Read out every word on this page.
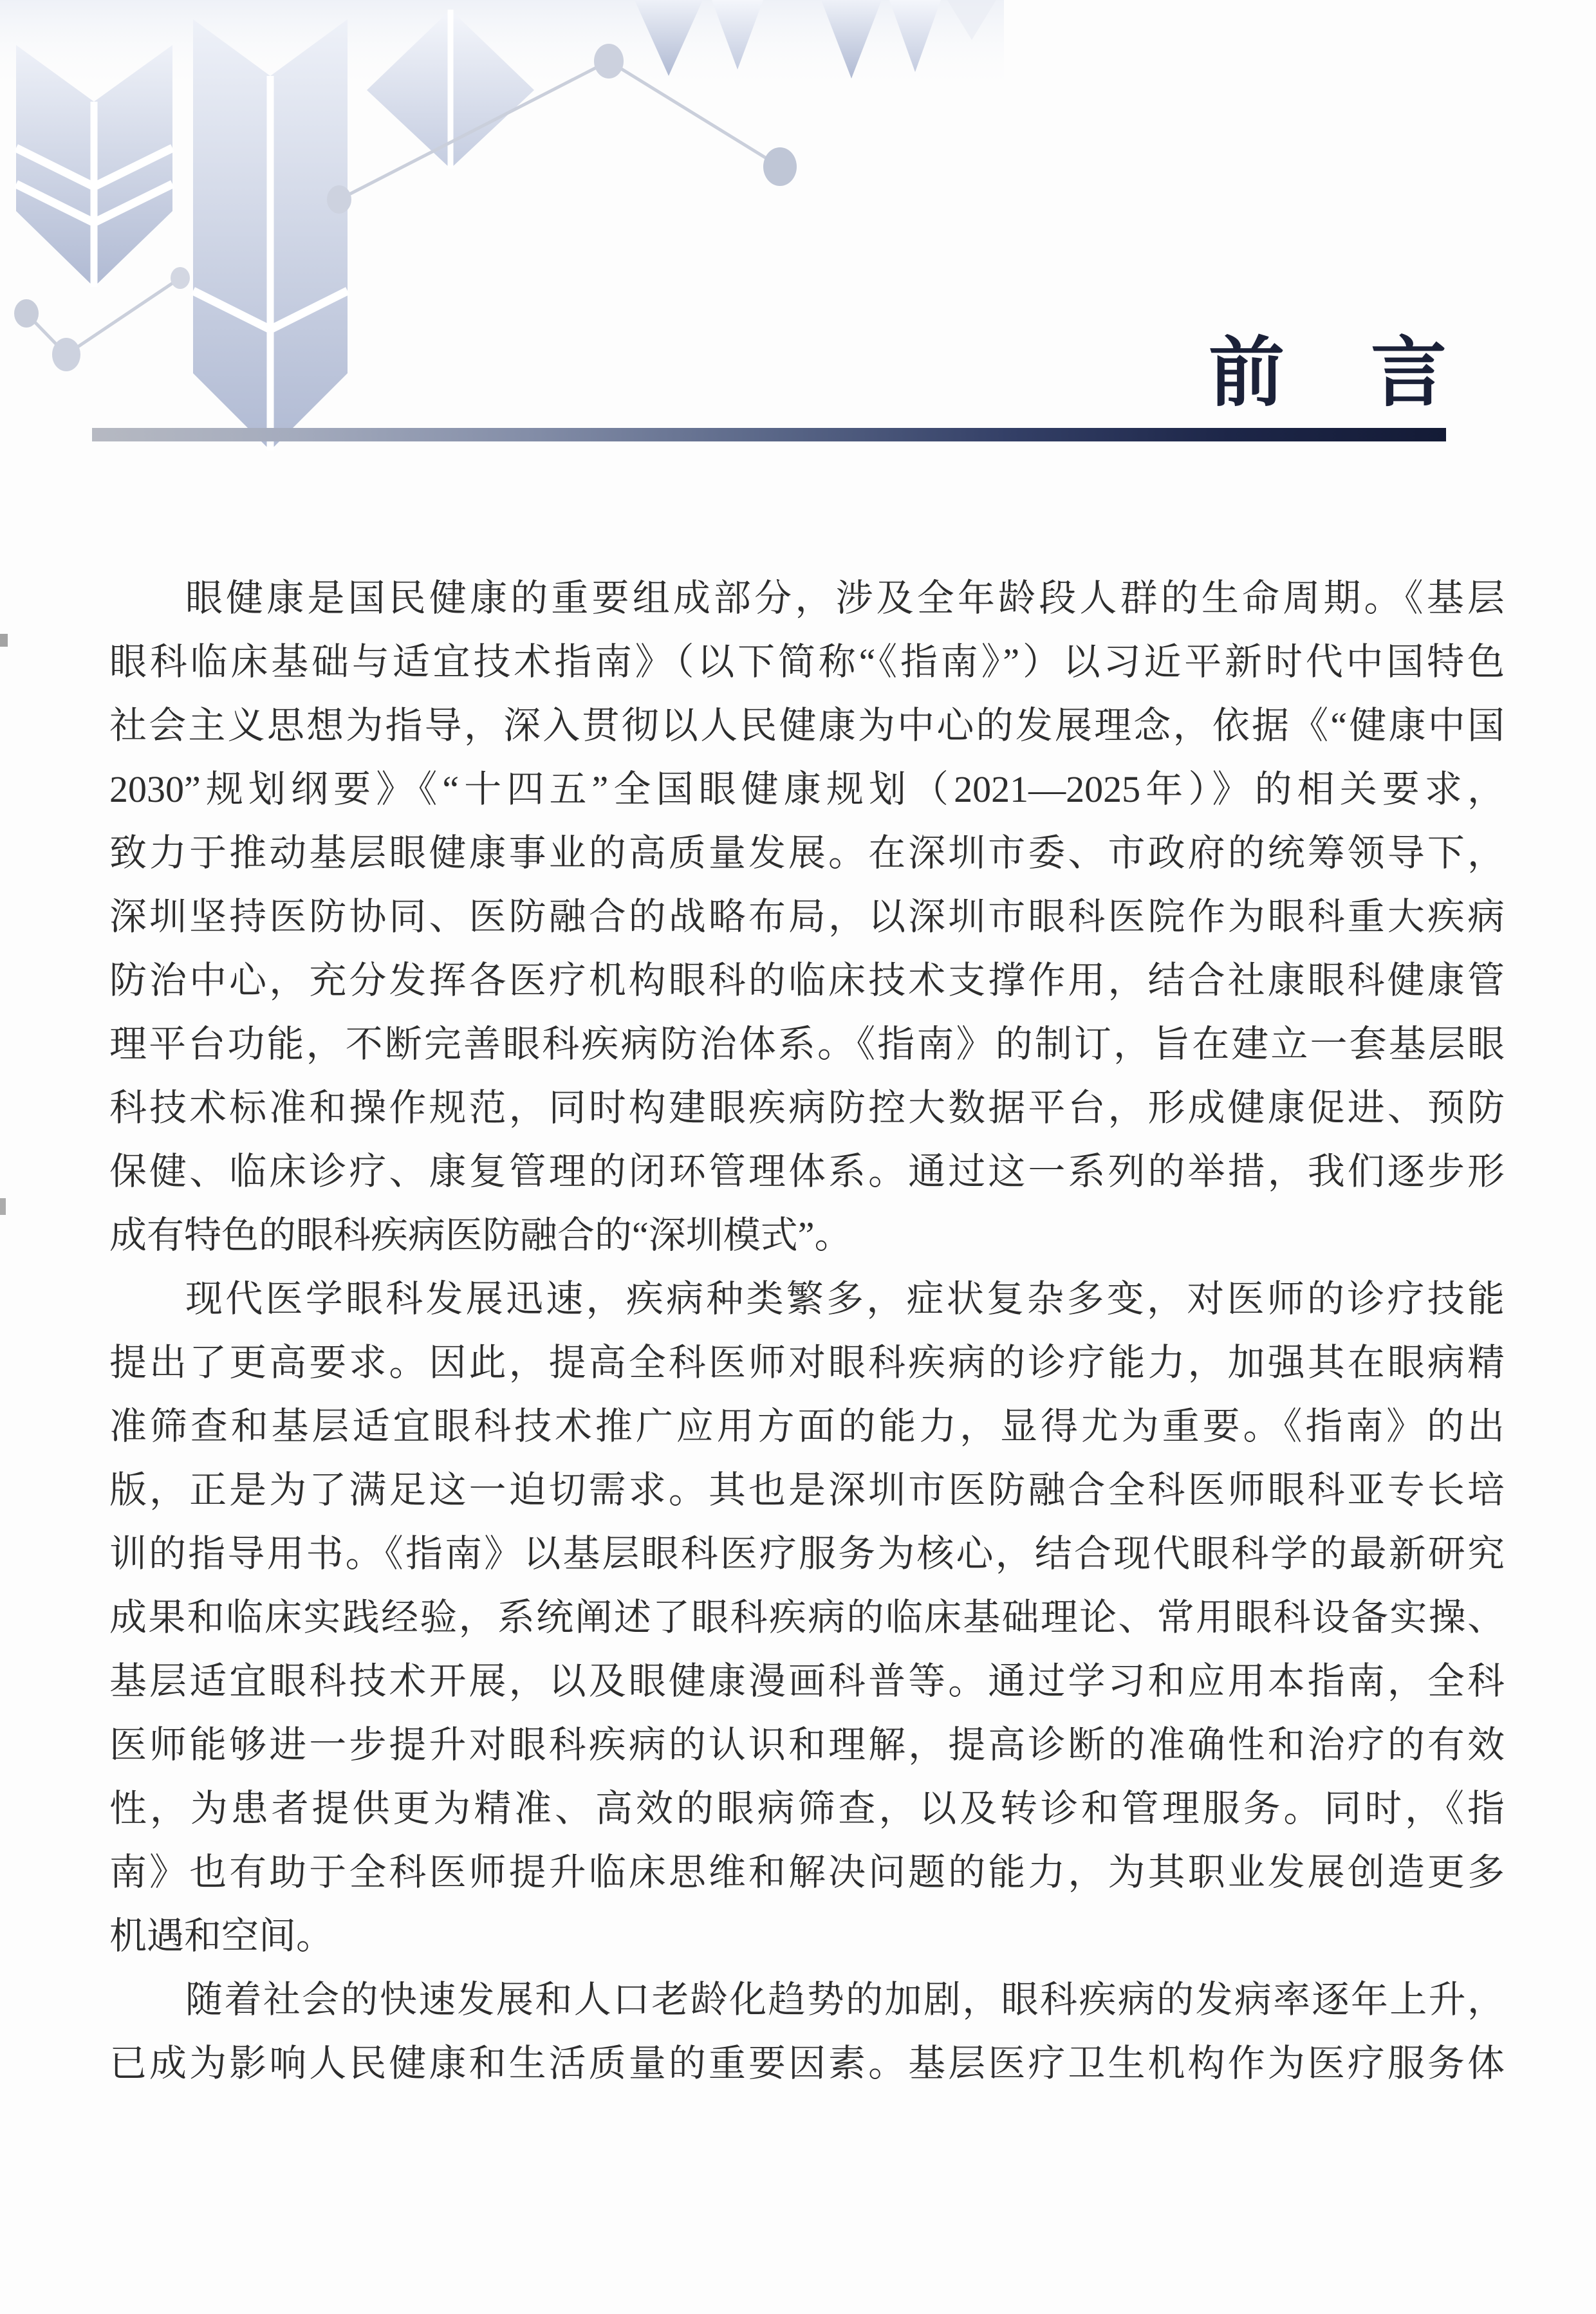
前　言
眼健康是国民健康的重要组成部分，涉及全年龄段人群的生命周期。《基层
眼科临床基础与适宜技术指南》（以下简称“《指南》”）以习近平新时代中国特色
社会主义思想为指导，深入贯彻以人民健康为中心的发展理念，依据《“健康中国
2030”规划纲要》《“十四五”全国眼健康规划（2021—2025年）》的相关要求，
致力于推动基层眼健康事业的高质量发展。在深圳市委、市政府的统筹领导下，
深圳坚持医防协同、医防融合的战略布局，以深圳市眼科医院作为眼科重大疾病
防治中心，充分发挥各医疗机构眼科的临床技术支撑作用，结合社康眼科健康管
理平台功能，不断完善眼科疾病防治体系。《指南》的制订，旨在建立一套基层眼
科技术标准和操作规范，同时构建眼疾病防控大数据平台，形成健康促进、预防
保健、临床诊疗、康复管理的闭环管理体系。通过这一系列的举措，我们逐步形
成有特色的眼科疾病医防融合的“深圳模式”。
现代医学眼科发展迅速，疾病种类繁多，症状复杂多变，对医师的诊疗技能
提出了更高要求。因此，提高全科医师对眼科疾病的诊疗能力，加强其在眼病精
准筛查和基层适宜眼科技术推广应用方面的能力，显得尤为重要。《指南》的出
版，正是为了满足这一迫切需求。其也是深圳市医防融合全科医师眼科亚专长培
训的指导用书。《指南》以基层眼科医疗服务为核心，结合现代眼科学的最新研究
成果和临床实践经验，系统阐述了眼科疾病的临床基础理论、常用眼科设备实操、
基层适宜眼科技术开展，以及眼健康漫画科普等。通过学习和应用本指南，全科
医师能够进一步提升对眼科疾病的认识和理解，提高诊断的准确性和治疗的有效
性，为患者提供更为精准、高效的眼病筛查，以及转诊和管理服务。同时，《指
南》也有助于全科医师提升临床思维和解决问题的能力，为其职业发展创造更多
机遇和空间。
随着社会的快速发展和人口老龄化趋势的加剧，眼科疾病的发病率逐年上升，
已成为影响人民健康和生活质量的重要因素。基层医疗卫生机构作为医疗服务体
